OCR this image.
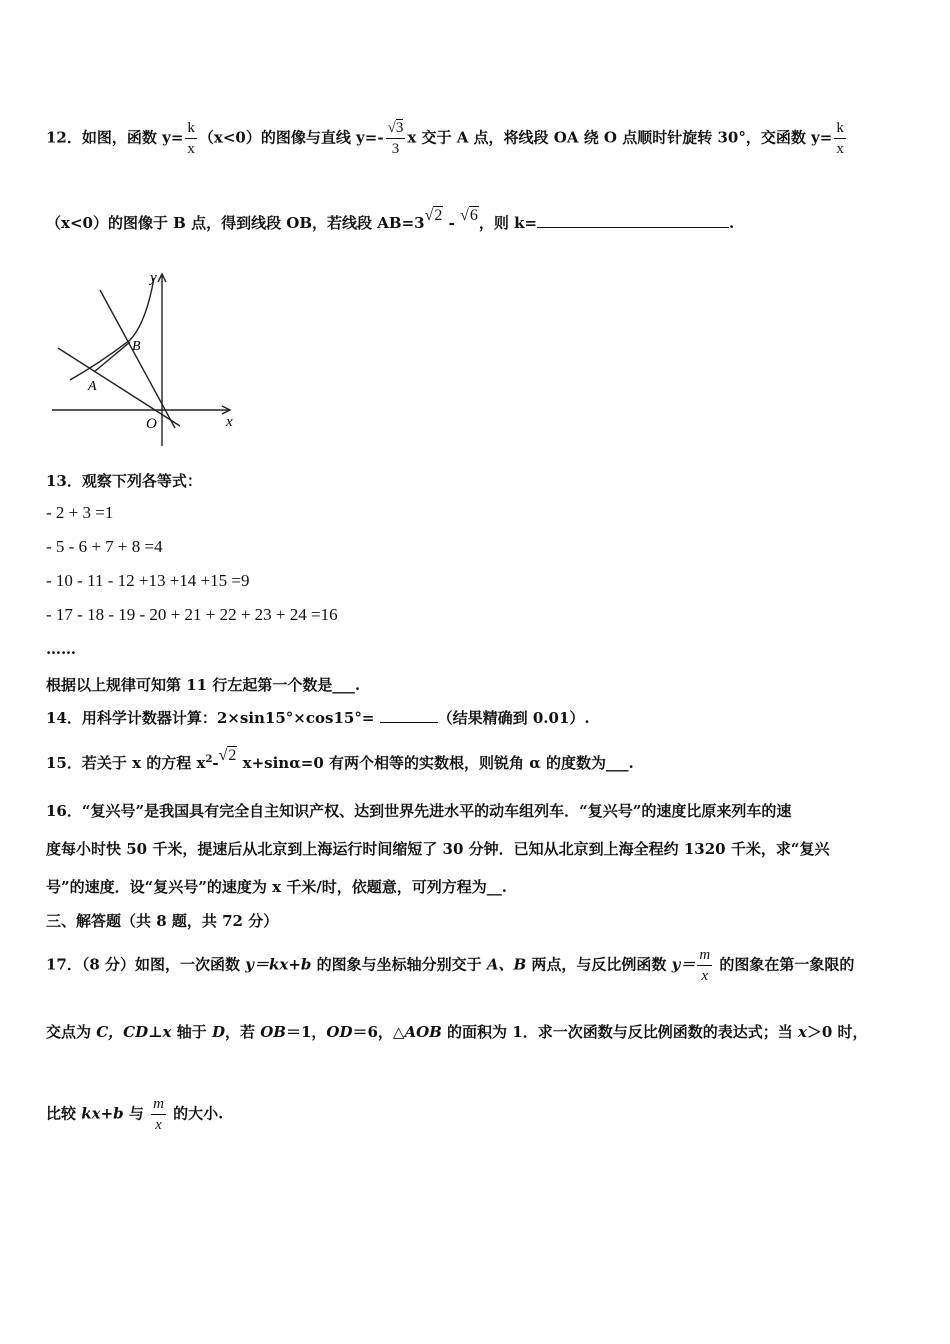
12．如图，函数 $y= \frac{k}{x} (x<0)$的图像与直线 $y=- \frac{√3}{3}$ x 交于 A 点，将线段 OA 绕 O 点顺时针旋转 30°，交函数 $y= \frac{k}{x}$
（x<0）的图像于 B 点，得到线段 OB，若线段 AB=3√2 - √6，则 k=	.
y
x
O
A
B
13．观察下列各等式：
- 2 + 3 =1
- 5 - 6 + 7 + 8 =4
- 10 - 11 - 12 +13 +14 +15 =9
- 17 - 18 - 19 - 20 + 21 + 22 + 23 + 24 =16
……
根据以上规律可知第 11 行左起第一个数是___.
14．用科学计数器计算：2×sin15°×cos15°=	（结果精确到 0.01）.
15．若关于 x 的方程 $x^2-√2$ x+sinα=0 有两个相等的实数根，则锐角 α 的度数为___.
16．“复兴号”是我国具有完全自主知识产权、达到世界先进水平的动车组列车．“复兴号”的速度比原来列车的速
度每小时快 50 千米，提速后从北京到上海运行时间缩短了 30 分钟．已知从北京到上海全程约 1320 千米，求“复兴
号”的速度．设“复兴号”的速度为 x 千米/时，依题意，可列方程为__.
三、解答题（共 8 题，共 72 分）
17．（8 分）如图，一次函数 y＝kx+b 的图象与坐标轴分别交于 A、B 两点，与反比例函数 $y= \frac{m}{x}$ 的图象在第一象限的
交点为 C，CD⊥x 轴于 D，若 OB＝1，OD＝6，△AOB 的面积为 1．求一次函数与反比例函数的表达式；当 x＞0 时，
比较 kx+b 与 $\frac{m}{x}$ 的大小.
